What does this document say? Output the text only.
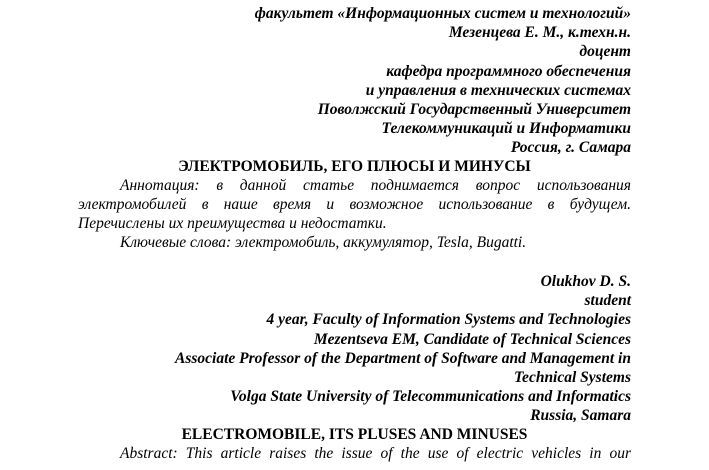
факультет «Информационных систем и технологий»
Мезенцева Е. М., к.техн.н.
доцент
кафедра программного обеспечения
и управления в технических системах
Поволжский Государственный Университет
Телекоммуникаций и Информатики
Россия, г. Самара
ЭЛЕКТРОМОБИЛЬ, ЕГО ПЛЮСЫ И МИНУСЫ
Аннотация: в данной статье поднимается вопрос использования
электромобилей в наше время и возможное использование в будущем.
Перечислены их преимущества и недостатки.
Ключевые слова: электромобиль, аккумулятор, Tesla, Bugatti.
Olukhov D. S.
student
4 year, Faculty of Information Systems and Technologies
Mezentseva EM, Candidate of Technical Sciences
Associate Professor of the Department of Software and Management in
Technical Systems
Volga State University of Telecommunications and Informatics
Russia, Samara
ELECTROMOBILE, ITS PLUSES AND MINUSES
Abstract: This article raises the issue of the use of electric vehicles in our
